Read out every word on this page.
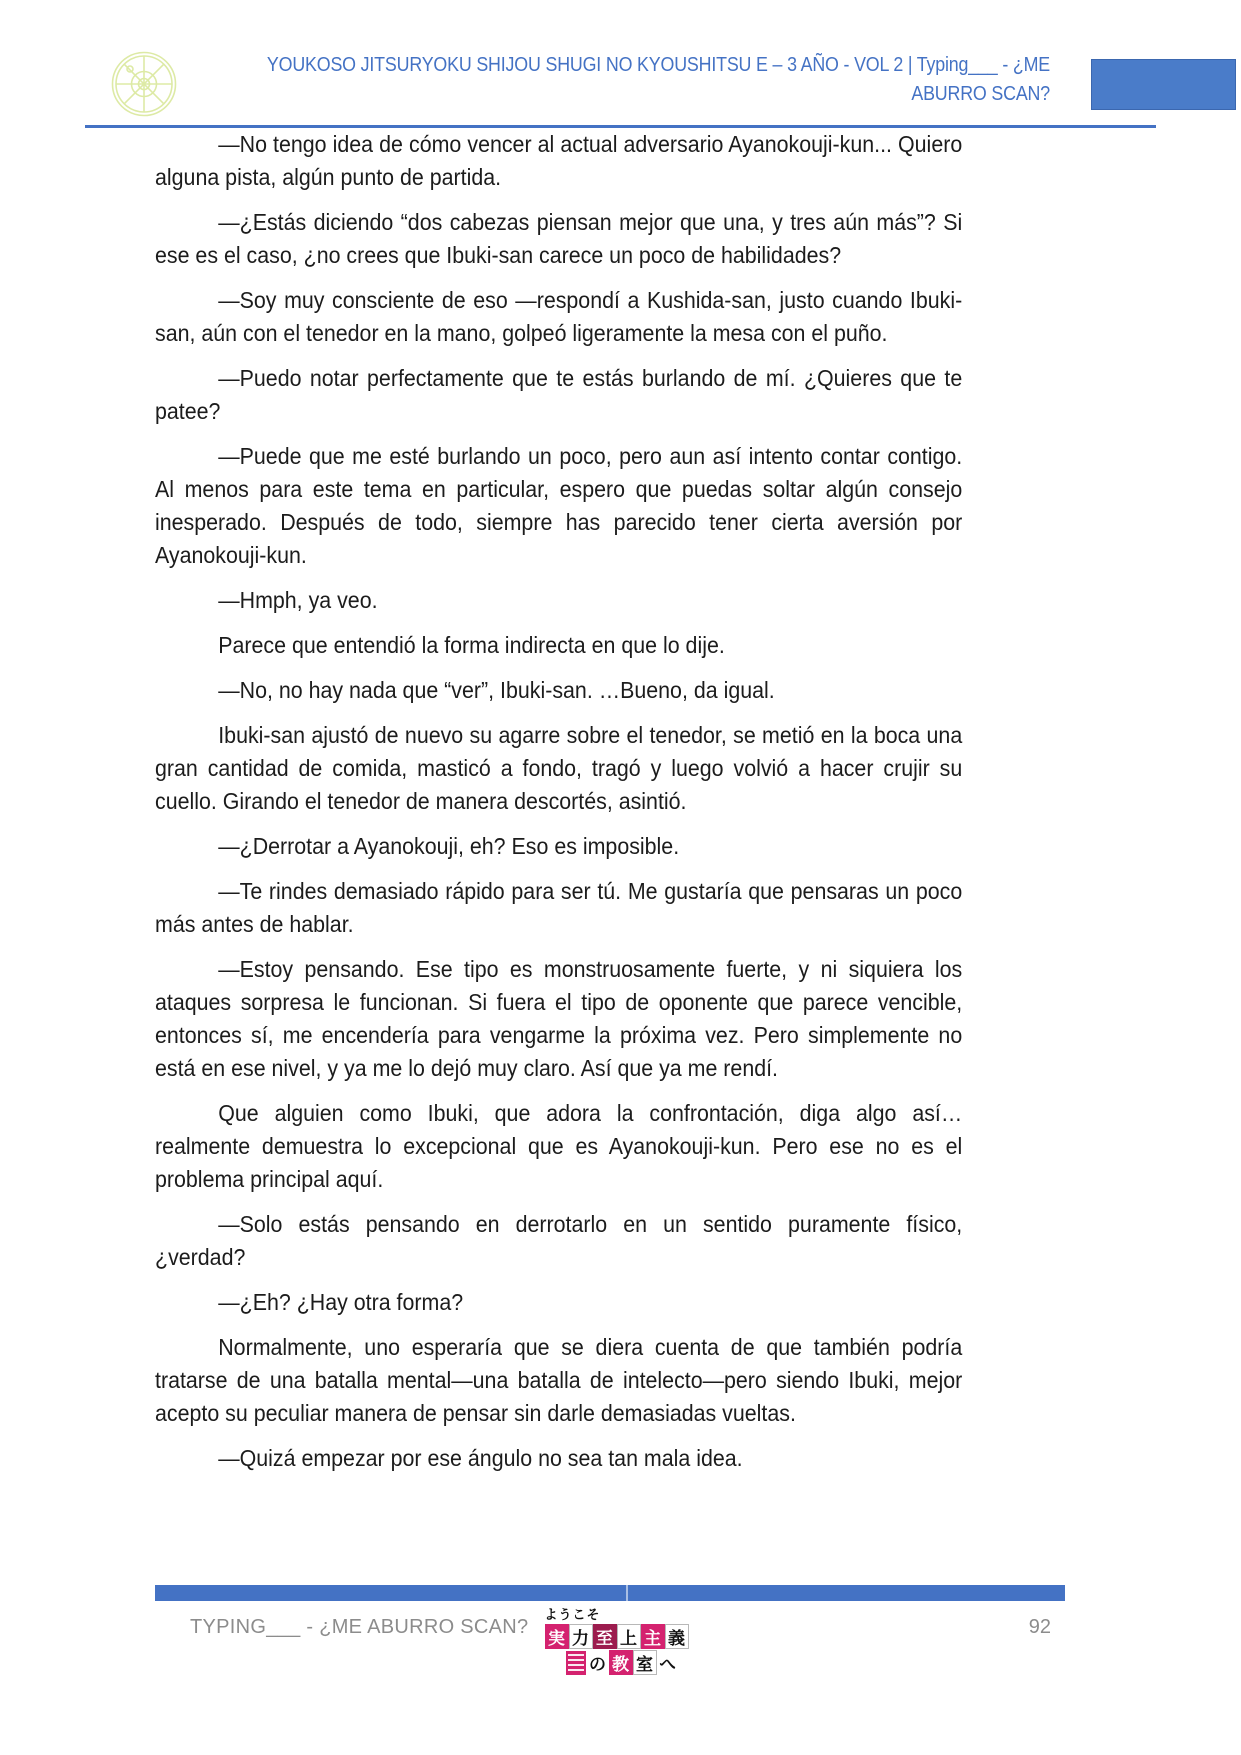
YOUKOSO JITSURYOKU SHIJOU SHUGI NO KYOUSHITSU E – 3 AÑO - VOL 2 | Typing___ - ¿ME
ABURRO SCAN?

—No tengo idea de cómo vencer al actual adversario Ayanokouji-kun... Quiero alguna pista, algún punto de partida.

—¿Estás diciendo “dos cabezas piensan mejor que una, y tres aún más”? Si ese es el caso, ¿no crees que Ibuki-san carece un poco de habilidades?

—Soy muy consciente de eso —respondí a Kushida-san, justo cuando Ibuki-san, aún con el tenedor en la mano, golpeó ligeramente la mesa con el puño.

—Puedo notar perfectamente que te estás burlando de mí. ¿Quieres que te patee?

—Puede que me esté burlando un poco, pero aun así intento contar contigo. Al menos para este tema en particular, espero que puedas soltar algún consejo inesperado. Después de todo, siempre has parecido tener cierta aversión por Ayanokouji-kun.

—Hmph, ya veo.

Parece que entendió la forma indirecta en que lo dije.

—No, no hay nada que “ver”, Ibuki-san. …Bueno, da igual.

Ibuki-san ajustó de nuevo su agarre sobre el tenedor, se metió en la boca una gran cantidad de comida, masticó a fondo, tragó y luego volvió a hacer crujir su cuello. Girando el tenedor de manera descortés, asintió.

—¿Derrotar a Ayanokouji, eh? Eso es imposible.

—Te rindes demasiado rápido para ser tú. Me gustaría que pensaras un poco más antes de hablar.

—Estoy pensando. Ese tipo es monstruosamente fuerte, y ni siquiera los ataques sorpresa le funcionan. Si fuera el tipo de oponente que parece vencible, entonces sí, me encendería para vengarme la próxima vez. Pero simplemente no está en ese nivel, y ya me lo dejó muy claro. Así que ya me rendí.

Que alguien como Ibuki, que adora la confrontación, diga algo así… realmente demuestra lo excepcional que es Ayanokouji-kun. Pero ese no es el problema principal aquí.

—Solo estás pensando en derrotarlo en un sentido puramente físico, ¿verdad?

—¿Eh? ¿Hay otra forma?

Normalmente, uno esperaría que se diera cuenta de que también podría tratarse de una batalla mental—una batalla de intelecto—pero siendo Ibuki, mejor acepto su peculiar manera de pensar sin darle demasiadas vueltas.

—Quizá empezar por ese ángulo no sea tan mala idea.

TYPING___ - ¿ME ABURRO SCAN?	92
ようこそ
実 力 至 上 主 義
の 教 室 へ
